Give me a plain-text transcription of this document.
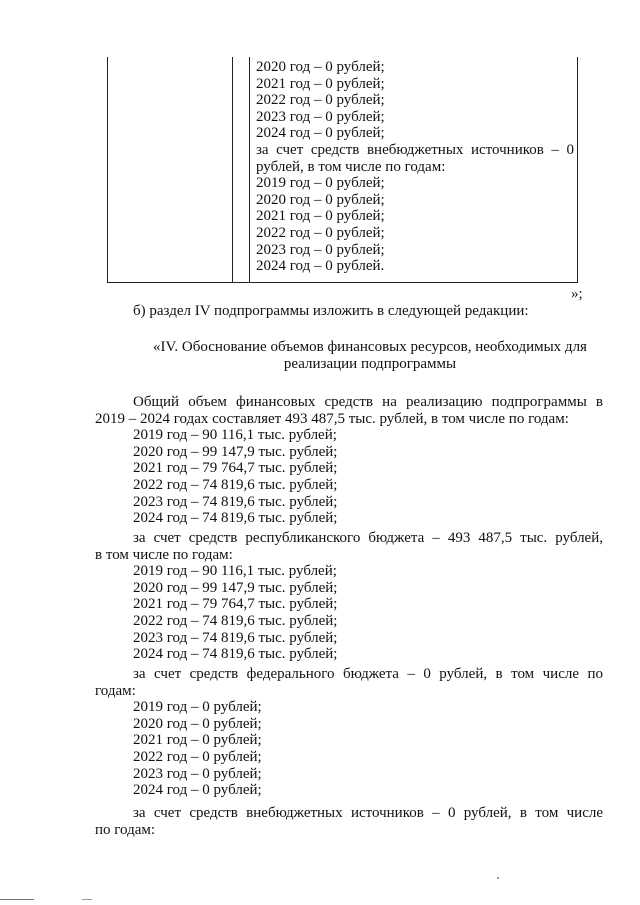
2020 год – 0 рублей;
2021 год – 0 рублей;
2022 год – 0 рублей;
2023 год – 0 рублей;
2024 год – 0 рублей;
за счет средств внебюджетных источников – 0
рублей, в том числе по годам:
2019 год – 0 рублей;
2020 год – 0 рублей;
2021 год – 0 рублей;
2022 год – 0 рублей;
2023 год – 0 рублей;
2024 год – 0 рублей.
»;
б) раздел IV подпрограммы изложить в следующей редакции:
«IV. Обоснование объемов финансовых ресурсов, необходимых для
реализации подпрограммы
Общий объем финансовых средств на реализацию подпрограммы в
2019 – 2024 годах составляет 493 487,5 тыс. рублей, в том числе по годам:
2019 год – 90 116,1 тыс. рублей;
2020 год – 99 147,9 тыс. рублей;
2021 год – 79 764,7 тыс. рублей;
2022 год – 74 819,6 тыс. рублей;
2023 год – 74 819,6 тыс. рублей;
2024 год – 74 819,6 тыс. рублей;
за счет средств республиканского бюджета – 493 487,5 тыс. рублей,
в том числе по годам:
2019 год – 90 116,1 тыс. рублей;
2020 год – 99 147,9 тыс. рублей;
2021 год – 79 764,7 тыс. рублей;
2022 год – 74 819,6 тыс. рублей;
2023 год – 74 819,6 тыс. рублей;
2024 год – 74 819,6 тыс. рублей;
за счет средств федерального бюджета – 0 рублей, в том числе по
годам:
2019 год – 0 рублей;
2020 год – 0 рублей;
2021 год – 0 рублей;
2022 год – 0 рублей;
2023 год – 0 рублей;
2024 год – 0 рублей;
за счет средств внебюджетных источников – 0 рублей, в том числе
по годам:
